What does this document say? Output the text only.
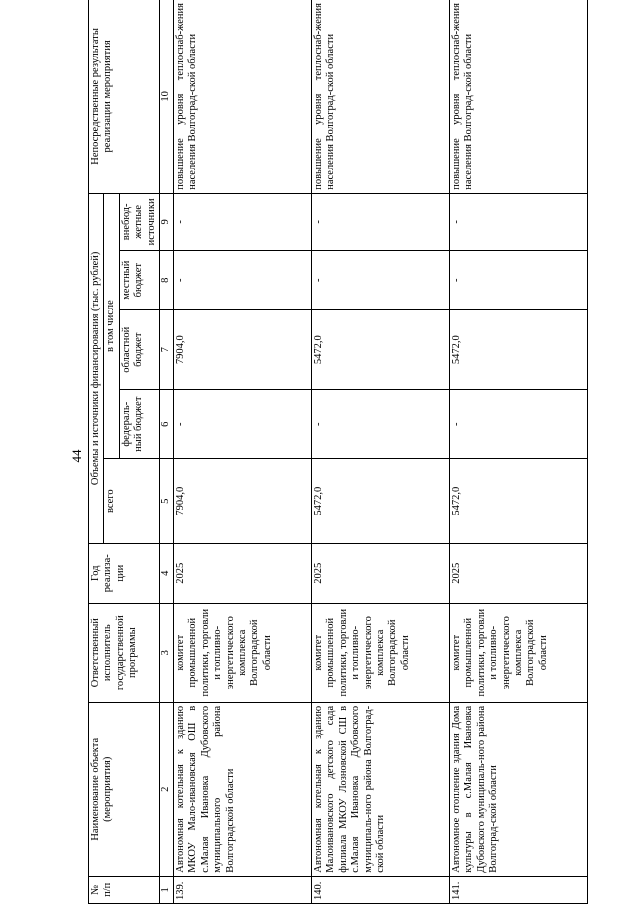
44
№ п/п	Наименование объекта (мероприятия)	Ответственный исполнитель государственной программы	Год реализа-ции	Объемы и источники финансирования (тыс. рублей)					Непосредственные результаты реализации мероприятия
				всего	в том числе				
					федераль-ный бюджет	областной бюджет	местный бюджет	внебюд-жетные источники	
1	2	3	4	5	6	7	8	9	10
139.	Автономная котельная к зданию МКОУ Мало-ивановская ОШ в с.Малая Ивановка Дубовского муниципального района Волгоградской области	комитет промышленной политики, торговли и топливно-энергетического комплекса Волгоградской области	2025	7904,0	-	7904,0	-	-	повышение уровня теплоснаб-жения населения Волгоград-ской области
140.	Автономная котельная к зданию Малоивановского детского сада филиала МКОУ Лозновской СШ в с.Малая Ивановка Дубовского муниципаль-ного района Волгоград-ской области	комитет промышленной политики, торговли и топливно-энергетического комплекса Волгоградской области	2025	5472,0	-	5472,0	-	-	повышение уровня теплоснаб-жения населения Волгоград-ской области
141.	Автономное отопление здания Дома культуры в с.Малая Ивановка Дубовского муниципаль-ного района Волгоград-ской области	комитет промышленной политики, торговли и топливно-энергетического комплекса Волгоградской области	2025	5472,0	-	5472,0	-	-	повышение уровня теплоснаб-жения населения Волгоград-ской области
